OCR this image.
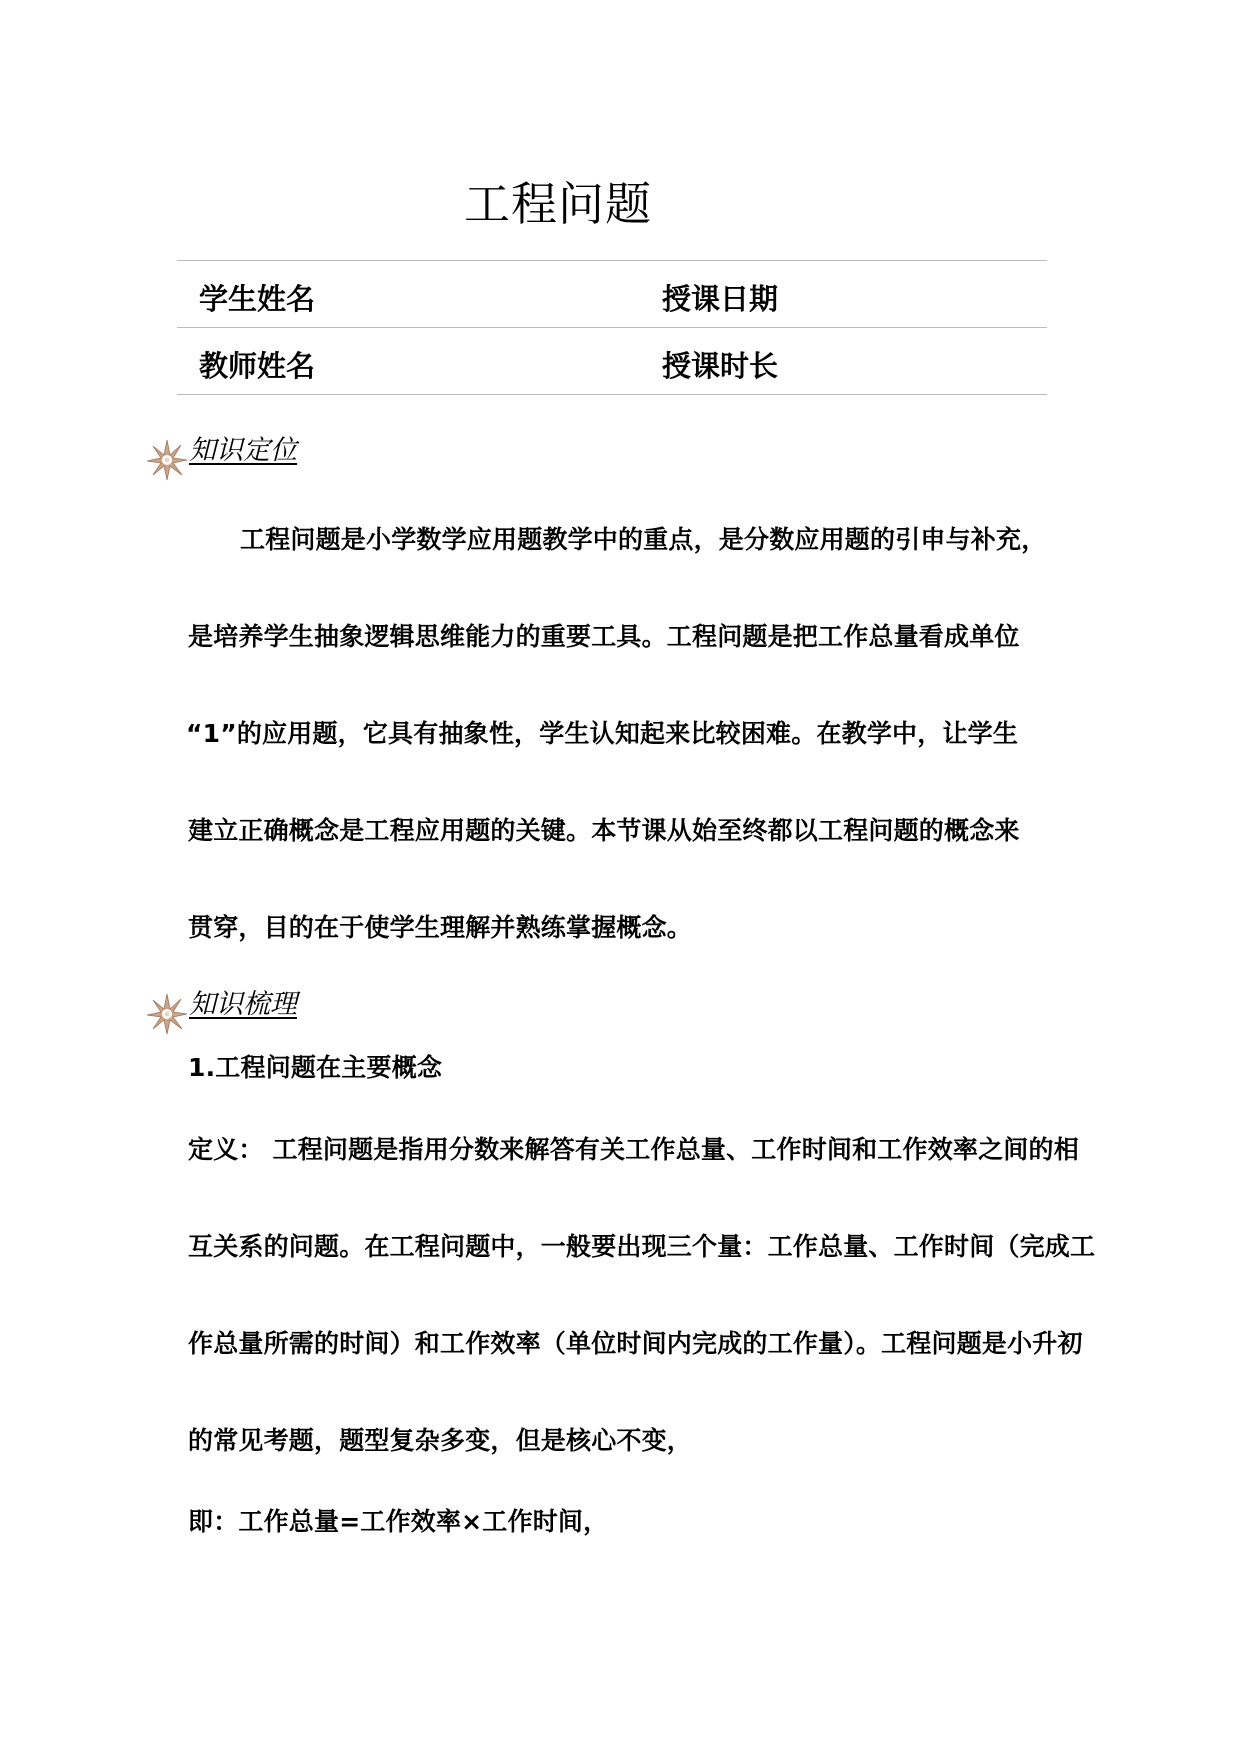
工程问题
学生姓名	授课日期
教师姓名	授课时长
知识定位
工程问题是小学数学应用题教学中的重点，是分数应用题的引申与补充，
是培养学生抽象逻辑思维能力的重要工具。工程问题是把工作总量看成单位
“1”的应用题，它具有抽象性，学生认知起来比较困难。在教学中，让学生
建立正确概念是工程应用题的关键。本节课从始至终都以工程问题的概念来
贯穿，目的在于使学生理解并熟练掌握概念。
知识梳理
1.工程问题在主要概念
定义： 工程问题是指用分数来解答有关工作总量、工作时间和工作效率之间的相
互关系的问题。在工程问题中，一般要出现三个量：工作总量、工作时间（完成工
作总量所需的时间）和工作效率（单位时间内完成的工作量）。工程问题是小升初
的常见考题，题型复杂多变，但是核心不变，
即：工作总量=工作效率×工作时间，
